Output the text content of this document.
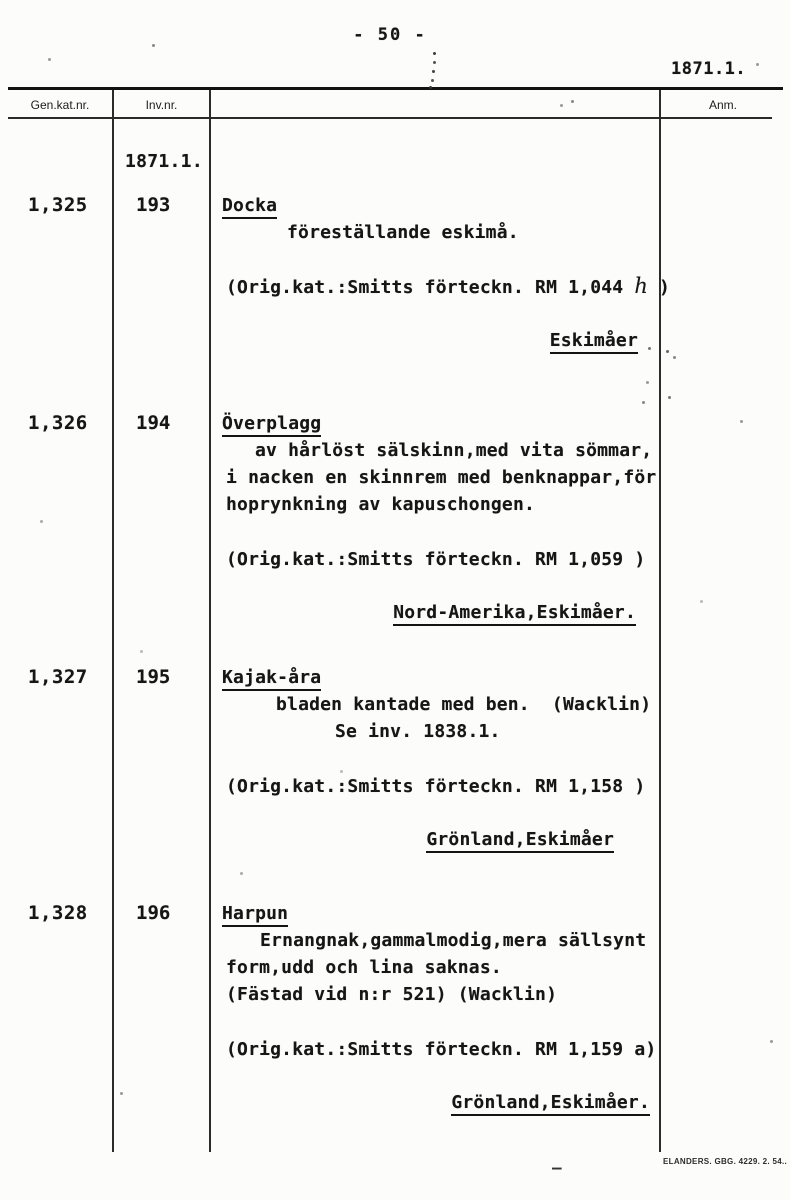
- 50 -
1871.1.
Gen.kat.nr.	Inv.nr.	Anm.
1871.1.
1,325	193	Docka
föreställande eskimå.
(Orig.kat.:Smitts förteckn. RM 1,044 h )
Eskimåer
1,326	194	Överplagg
av hårlöst sälskinn,med vita sömmar,
i nacken en skinnrem med benknappar,för
hoprynkning av kapuschongen.
(Orig.kat.:Smitts förteckn. RM 1,059 )
Nord-Amerika,Eskimåer.
1,327	195	Kajak-åra
bladen kantade med ben.  (Wacklin)
Se inv. 1838.1.
(Orig.kat.:Smitts förteckn. RM 1,158 )
Grönland,Eskimåer
1,328	196	Harpun
Ernangnak,gammalmodig,mera sällsynt
form,udd och lina saknas.
(Fästad vid n:r 521) (Wacklin)
(Orig.kat.:Smitts förteckn. RM 1,159 a)
Grönland,Eskimåer.
—	ELANDERS. GBG. 4229. 2. 54..
